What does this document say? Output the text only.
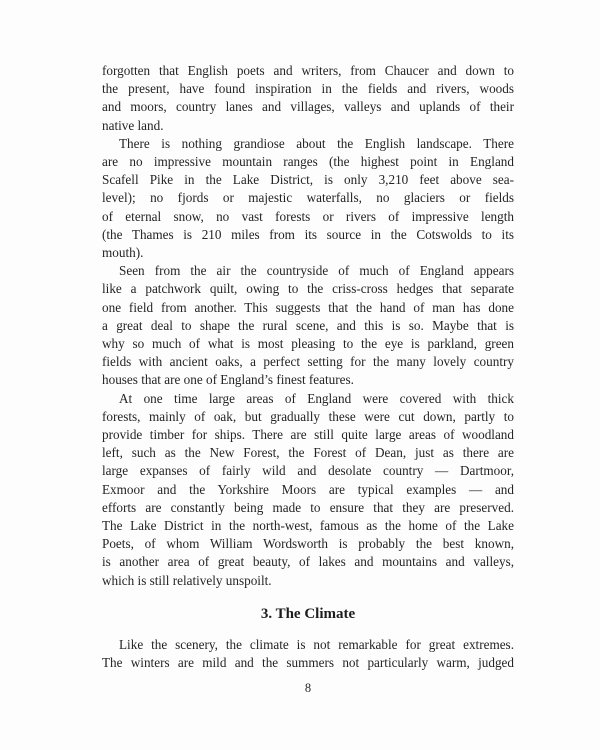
forgotten that English poets and writers, from Chaucer and down to
the present, have found inspiration in the fields and rivers, woods
and moors, country lanes and villages, valleys and uplands of their
native land.
There is nothing grandiose about the English landscape. There
are no impressive mountain ranges (the highest point in England
Scafell Pike in the Lake District, is only 3,210 feet above sea-
level); no fjords or majestic waterfalls, no glaciers or fields
of eternal snow, no vast forests or rivers of impressive length
(the Thames is 210 miles from its source in the Cotswolds to its
mouth).
Seen from the air the countryside of much of England appears
like a patchwork quilt, owing to the criss-cross hedges that separate
one field from another. This suggests that the hand of man has done
a great deal to shape the rural scene, and this is so. Maybe that is
why so much of what is most pleasing to the eye is parkland, green
fields with ancient oaks, a perfect setting for the many lovely country
houses that are one of England’s finest features.
At one time large areas of England were covered with thick
forests, mainly of oak, but gradually these were cut down, partly to
provide timber for ships. There are still quite large areas of woodland
left, such as the New Forest, the Forest of Dean, just as there are
large expanses of fairly wild and desolate country — Dartmoor,
Exmoor and the Yorkshire Moors are typical examples — and
efforts are constantly being made to ensure that they are preserved.
The Lake District in the north-west, famous as the home of the Lake
Poets, of whom William Wordsworth is probably the best known,
is another area of great beauty, of lakes and mountains and valleys,
which is still relatively unspoilt.
3. The Climate
Like the scenery, the climate is not remarkable for great extremes.
The winters are mild and the summers not particularly warm, judged
8
